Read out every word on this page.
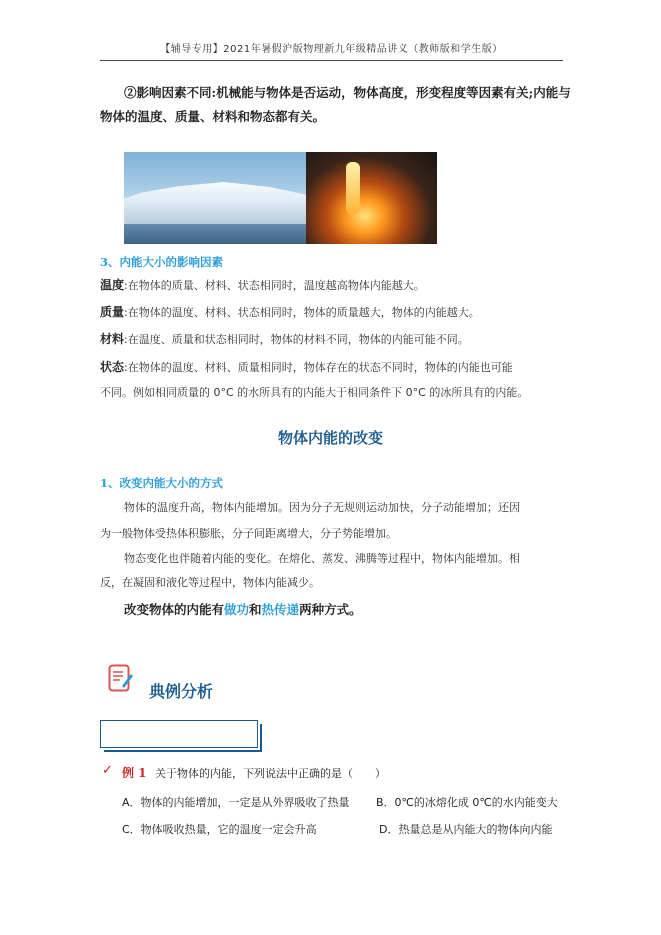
【辅导专用】2021年暑假沪版物理新九年级精品讲义（教师版和学生版）
②影响因素不同:机械能与物体是否运动，物体高度，形变程度等因素有关;内能与
物体的温度、质量、材料和物态都有关。
3、内能大小的影响因素
温度:在物体的质量、材料、状态相同时，温度越高物体内能越大。
质量:在物体的温度、材料、状态相同时，物体的质量越大，物体的内能越大。
材料:在温度、质量和状态相同时，物体的材料不同，物体的内能可能不同。
状态:在物体的温度、材料、质量相同时，物体存在的状态不同时，物体的内能也可能
不同。例如相同质量的 0°C 的水所具有的内能大于相同条件下 0°C 的冰所具有的内能。
物体内能的改变
1、改变内能大小的方式
物体的温度升高，物体内能增加。因为分子无规则运动加快，分子动能增加；还因
为一般物体受热体积膨胀，分子间距离增大，分子势能增加。
物态变化也伴随着内能的变化。在熔化、蒸发、沸腾等过程中，物体内能增加。相
反，在凝固和液化等过程中，物体内能减少。
改变物体的内能有做功和热传递两种方式。
典例分析
✓ 例 1 关于物体的内能，下列说法中正确的是（　　）
A．物体的内能增加，一定是从外界吸收了热量 B．0℃的冰熔化成 0℃的水内能变大
C．物体吸收热量，它的温度一定会升高	D．热量总是从内能大的物体向内能
